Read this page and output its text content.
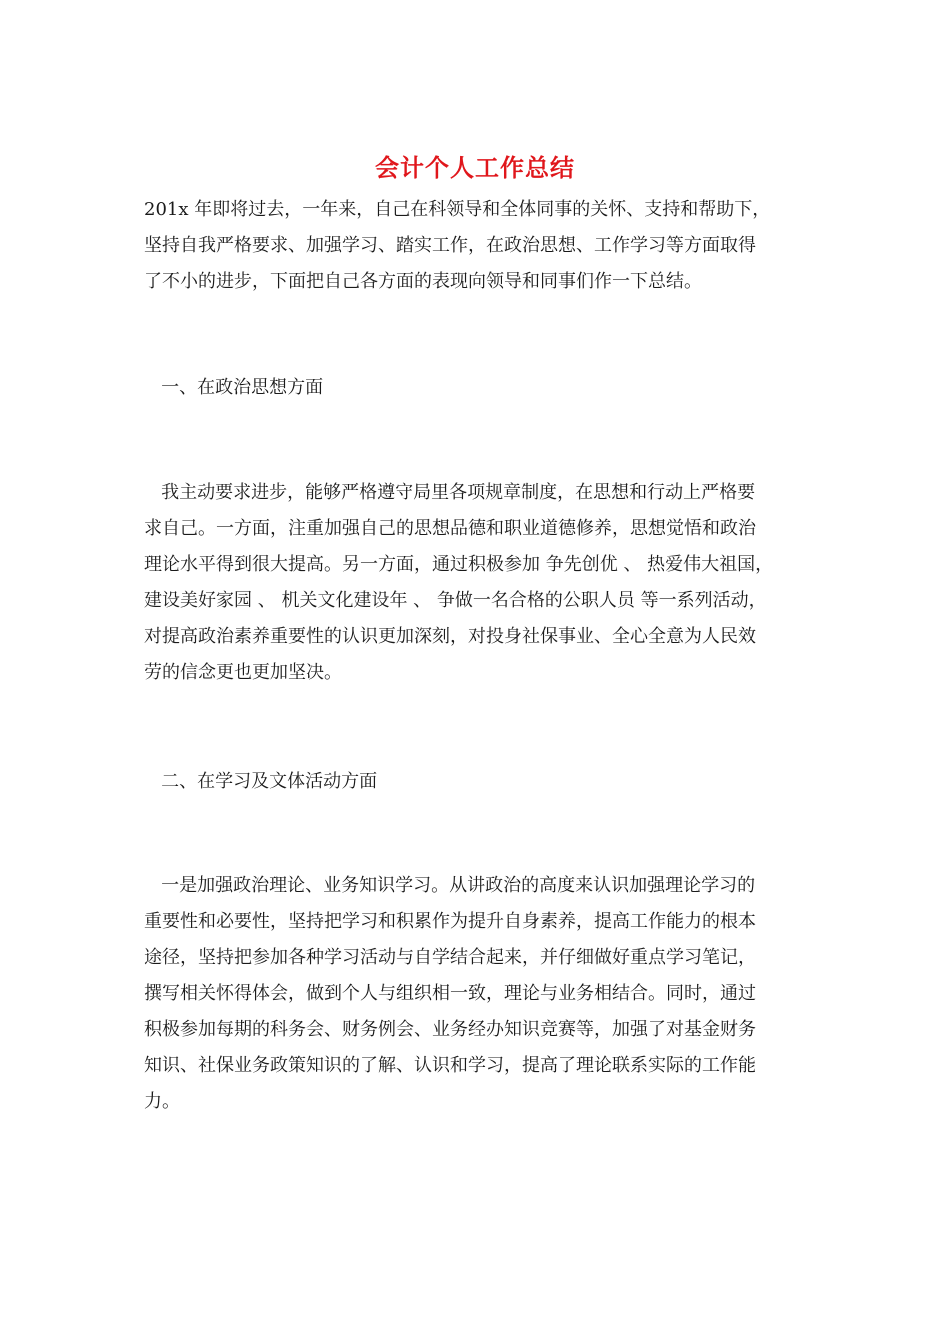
会计个人工作总结
201x 年即将过去，一年来，自己在科领导和全体同事的关怀、支持和帮助下，
坚持自我严格要求、加强学习、踏实工作，在政治思想、工作学习等方面取得
了不小的进步，下面把自己各方面的表现向领导和同事们作一下总结。
一、在政治思想方面
我主动要求进步，能够严格遵守局里各项规章制度，在思想和行动上严格要
求自己。一方面，注重加强自己的思想品德和职业道德修养，思想觉悟和政治
理论水平得到很大提高。另一方面，通过积极参加 争先创优 、 热爱伟大祖国，
建设美好家园 、 机关文化建设年 、 争做一名合格的公职人员 等一系列活动，
对提高政治素养重要性的认识更加深刻，对投身社保事业、全心全意为人民效
劳的信念更也更加坚决。
二、在学习及文体活动方面
一是加强政治理论、业务知识学习。从讲政治的高度来认识加强理论学习的
重要性和必要性，坚持把学习和积累作为提升自身素养，提高工作能力的根本
途径，坚持把参加各种学习活动与自学结合起来，并仔细做好重点学习笔记，
撰写相关怀得体会，做到个人与组织相一致，理论与业务相结合。同时，通过
积极参加每期的科务会、财务例会、业务经办知识竞赛等，加强了对基金财务
知识、社保业务政策知识的了解、认识和学习，提高了理论联系实际的工作能
力。
